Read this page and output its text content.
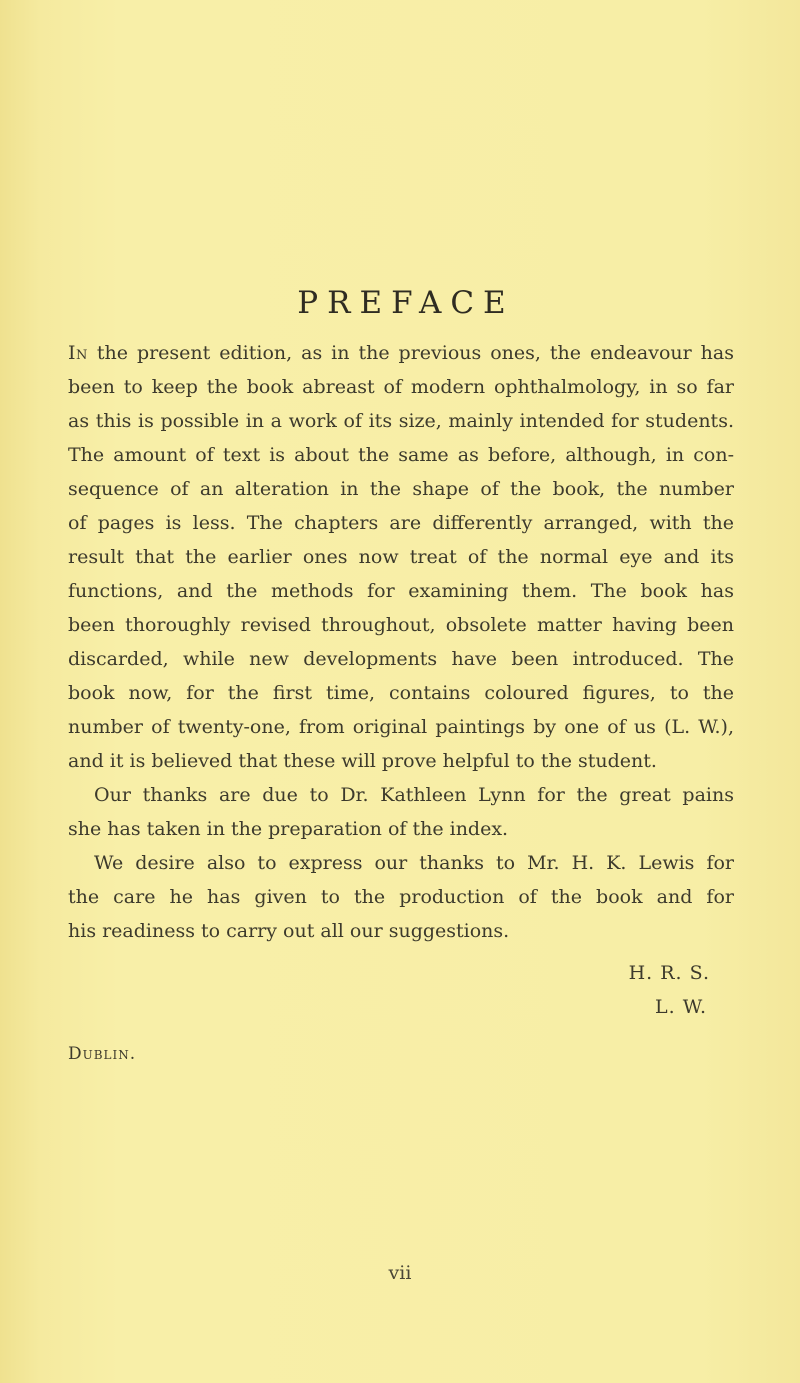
PREFACE
In the present edition, as in the previous ones, the endeavour has
been to keep the book abreast of modern ophthalmology, in so far
as this is possible in a work of its size, mainly intended for students.
The amount of text is about the same as before, although, in con-
sequence of an alteration in the shape of the book, the number
of pages is less. The chapters are differently arranged, with the
result that the earlier ones now treat of the normal eye and its
functions, and the methods for examining them. The book has
been thoroughly revised throughout, obsolete matter having been
discarded, while new developments have been introduced. The
book now, for the first time, contains coloured figures, to the
number of twenty-one, from original paintings by one of us (L. W.),
and it is believed that these will prove helpful to the student.
Our thanks are due to Dr. Kathleen Lynn for the great pains
she has taken in the preparation of the index.
We desire also to express our thanks to Mr. H. K. Lewis for
the care he has given to the production of the book and for
his readiness to carry out all our suggestions.
H. R. S.
L. W.
Dublin.
vii
